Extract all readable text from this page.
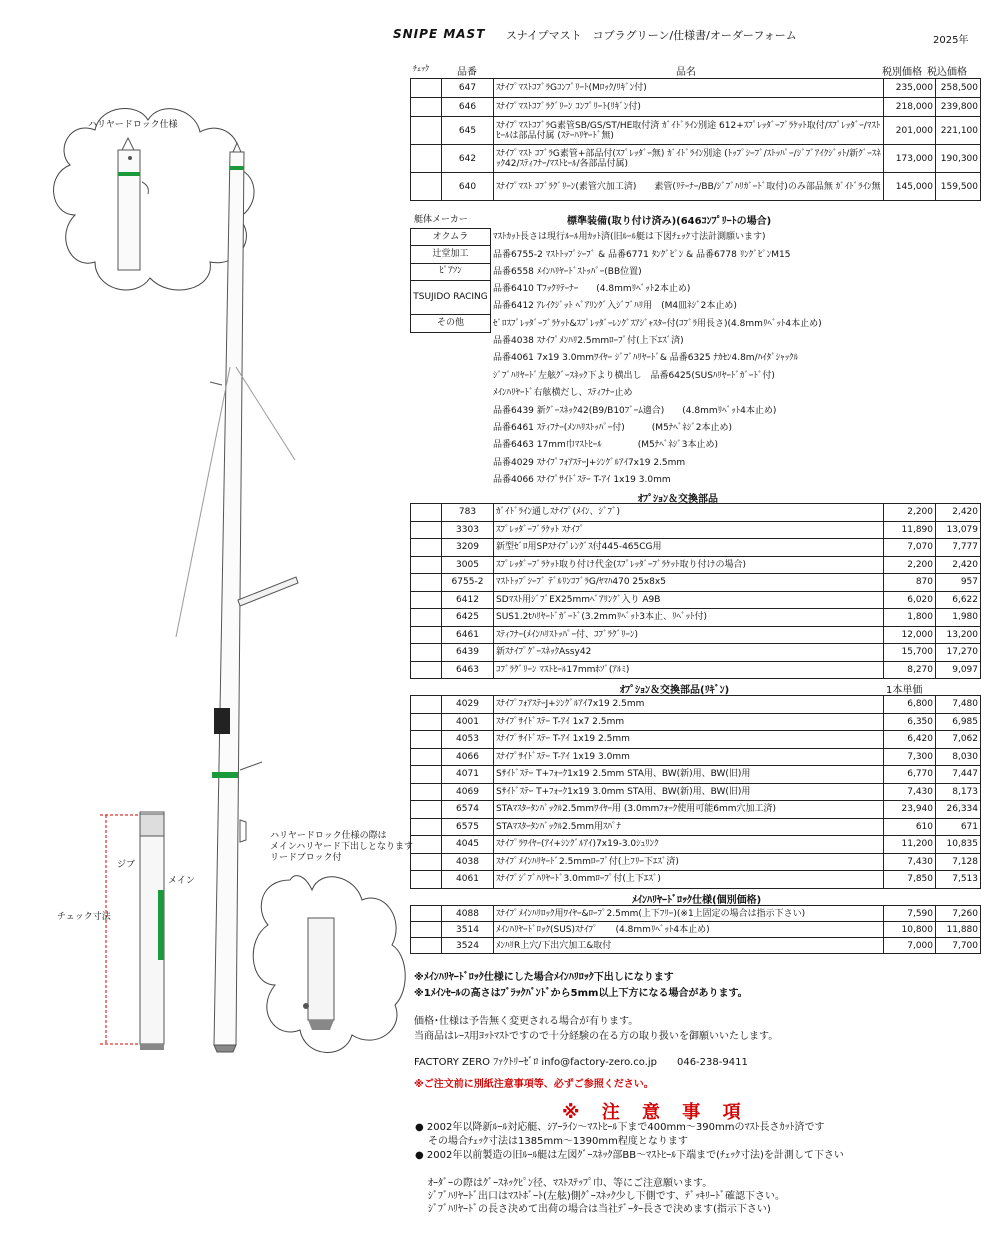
ハリヤードロック仕様
ハリヤードロック仕様の際は
メインハリヤード下出しとなります
リードブロック付
ジブ
メイン
チェック寸法
SNIPE MAST スナイプマスト　コブラグリーン/仕様書/オーダーフォーム	2025年
ﾁｪｯｸ	品番	品名	税別価格 税込価格
	647	ｽﾅｲﾌﾟﾏｽﾄｺﾌﾞﾗGｺﾝﾌﾟﾘｰﾄ(Mﾛｯｸ/ﾘｷﾞﾝ付)	235,000	258,500
	646	ｽﾅｲﾌﾟﾏｽﾄｺﾌﾞﾗｸﾞﾘｰﾝ ｺﾝﾌﾟﾘｰﾄ(ﾘｷﾞﾝ付)	218,000	239,800
	645	ｽﾅｲﾌﾟﾏｽﾄｺﾌﾞﾗG素管SB/GS/ST/HE取付済 ｶﾞｲﾄﾞﾗｲﾝ別途 612+ｽﾌﾟﾚｯﾀﾞｰﾌﾞﾗｹｯﾄ取付/ｽﾌﾟﾚｯﾀﾞｰ/ﾏｽﾄﾋｰﾙは部品付属 (ｽﾃｰﾊﾘﾔｰﾄﾞ無)	201,000	221,100
	642	ｽﾅｲﾌﾟﾏｽﾄ ｺﾌﾞﾗG素管+部品付(ｽﾌﾟﾚｯﾀﾞｰ無) ｶﾞｲﾄﾞﾗｲﾝ別途 (ﾄｯﾌﾟｼｰﾌﾞ/ｽﾄｯﾊﾟｰ/ｼﾞﾌﾞｱｲｸｼﾞｯﾄ/新ｸﾞｰｽﾈｯｸ42/ｽﾃｨﾌﾅｰ/ﾏｽﾄﾋｰﾙ/各部品付属)	173,000	190,300
	640	ｽﾅｲﾌﾟﾏｽﾄ ｺﾌﾞﾗｸﾞﾘｰﾝ(素管穴加工済)　　素管(ﾘﾃｰﾅｰ/BB/ｼﾞﾌﾞﾊﾘｶﾞｰﾄﾞ取付)のみ部品無 ｶﾞｲﾄﾞﾗｲﾝ無	145,000	159,500
艇体メーカー	標準装備(取り付け済み)(646ｺﾝﾌﾟﾘｰﾄの場合)
オクムラ
辻堂加工
ﾋﾟｱｿﾝ
TSUJIDO RACING
その他
ﾏｽﾄｶｯﾄ長さは現行ﾙｰﾙ用ｶｯﾄ済(旧ﾙｰﾙ艇は下図ﾁｪｯｸ寸法計測願います)
品番6755-2 ﾏｽﾄﾄｯﾌﾟｼｰﾌﾞ & 品番6771 ﾀﾝｸﾞﾋﾟﾝ & 品番6778 ﾘﾝｸﾞﾋﾟﾝM15
品番6558 ﾒｲﾝﾊﾘﾔｰﾄﾞｽﾄｯﾊﾟｰ(BB位置)
品番6410 Tﾌｯｸﾘﾃｰﾅｰ　　(4.8mmﾘﾍﾞｯﾄ2本止め)
品番6412 ｱﾚｲｸｼﾞｯﾄ ﾍﾞｱﾘﾝｸﾞ入ｼﾞﾌﾞﾊﾘ用　(M4皿ﾈｼﾞ2本止め)
ｾﾞﾛｽﾌﾟﾚｯﾀﾞｰﾌﾞﾗｹｯﾄ&ｽﾌﾟﾚｯﾀﾞｰﾚﾝｸﾞｽｱｼﾞｬｽﾀｰ付(ｺﾌﾞﾗ用長さ)(4.8mmﾘﾍﾞｯﾄ4本止め)
品番4038 ｽﾅｲﾌﾟﾒﾝﾊﾘ2.5mmﾛｰﾌﾟ付(上下ｴｽﾞ済)
品番4061 7x19 3.0mmﾜｲﾔｰ ｼﾞﾌﾞﾊﾘﾔｰﾄﾞ& 品番6325 ﾅｶｾﾝ4.8m/ﾊｲﾀﾞｼｬｯｸﾙ
ｼﾞﾌﾞﾊﾘﾔｰﾄﾞ左舷ｸﾞｰｽﾈｯｸ下より横出し　品番6425(SUSﾊﾘﾔｰﾄﾞｶﾞｰﾄﾞ付)
ﾒｲﾝﾊﾘﾔｰﾄﾞ右舷横だし、ｽﾃｨﾌﾅｰ止め
品番6439 新ｸﾞｰｽﾈｯｸ42(B9/B10ﾌﾞｰﾑ適合)　　(4.8mmﾘﾍﾞｯﾄ4本止め)
品番6461 ｽﾃｨﾌﾅｰ(ﾒﾝﾊﾘｽﾄｯﾊﾟｰ付)　　　(M5ﾅﾍﾞﾈｼﾞ2本止め)
品番6463 17mm巾ﾏｽﾄﾋｰﾙ　　　　(M5ﾅﾍﾞﾈｼﾞ3本止め)
品番4029 ｽﾅｲﾌﾟﾌｫｱｽﾃｰJ+ｼﾝｸﾞﾙｱｲ7x19 2.5mm
品番4066 ｽﾅｲﾌﾟｻｲﾄﾞｽﾃｰ T-ｱｲ 1x19 3.0mm
ｵﾌﾟｼｮﾝ＆交換部品
	783	ｶﾞｲﾄﾞﾗｲﾝ通しｽﾅｲﾌﾟ(ﾒｲﾝ、ｼﾞﾌﾞ)	2,200	2,420
	3303	ｽﾌﾟﾚｯﾀﾞｰﾌﾞﾗｹｯﾄ ｽﾅｲﾌﾟ	11,890	13,079
	3209	新型ｾﾞﾛ用SPｽﾅｲﾌﾟﾚﾝｸﾞｽ付445-465CG用	7,070	7,777
	3005	ｽﾌﾟﾚｯﾀﾞｰﾌﾞﾗｹｯﾄ取り付け代金(ｽﾌﾟﾚｯﾀﾞｰﾌﾞﾗｹｯﾄ取り付けの場合)	2,200	2,420
	6755-2	ﾏｽﾄﾄｯﾌﾟｼｰﾌﾞ ﾃﾞﾙﾘﾝｺﾌﾞﾗG/ﾔﾏﾊ470 25x8x5	870	957
	6412	SDﾏｽﾄ用ｼﾞﾌﾞEX25mmﾍﾞｱﾘﾝｸﾞ入り A9B	6,020	6,622
	6425	SUS1.2tﾊﾘﾔｰﾄﾞｶﾞｰﾄﾞ(3.2mmﾘﾍﾞｯﾄ3本止、ﾘﾍﾞｯﾄ付)	1,800	1,980
	6461	ｽﾃｨﾌﾅｰ(ﾒｲﾝﾊﾘｽﾄｯﾊﾟｰ付、ｺﾌﾞﾗｸﾞﾘｰﾝ)	12,000	13,200
	6439	新ｽﾅｲﾌﾟｸﾞｰｽﾈｯｸAssy42	15,700	17,270
	6463	ｺﾌﾞﾗｸﾞﾘｰﾝ ﾏｽﾄﾋｰﾙ17mmﾎｿﾞ(ｱﾙﾐ)	8,270	9,097
ｵﾌﾟｼｮﾝ＆交換部品(ﾘｷﾞﾝ)	1本単価
	4029	ｽﾅｲﾌﾟﾌｫｱｽﾃｰJ+ｼﾝｸﾞﾙｱｲ7x19 2.5mm	6,800	7,480
	4001	ｽﾅｲﾌﾟｻｲﾄﾞｽﾃｰ T-ｱｲ 1x7 2.5mm	6,350	6,985
	4053	ｽﾅｲﾌﾟｻｲﾄﾞｽﾃｰ T-ｱｲ 1x19 2.5mm	6,420	7,062
	4066	ｽﾅｲﾌﾟｻｲﾄﾞｽﾃｰ T-ｱｲ 1x19 3.0mm	7,300	8,030
	4071	Sｻｲﾄﾞｽﾃｰ T+ﾌｫｰｸ1x19 2.5mm STA用、BW(新)用、BW(旧)用	6,770	7,447
	4069	Sｻｲﾄﾞｽﾃｰ T+ﾌｫｰｸ1x19 3.0mm STA用、BW(新)用、BW(旧)用	7,430	8,173
	6574	STAﾏｽﾀｰﾀﾝﾊﾞｯｸﾙ2.5mmﾜｲﾔｰ用 (3.0mmﾌｫｰｸ使用可能6mm穴加工済)	23,940	26,334
	6575	STAﾏｽﾀｰﾀﾝﾊﾞｯｸﾙ2.5mm用ｽﾊﾟﾅ	610	671
	4045	ｽﾅｲﾌﾟﾗﾜｲﾔｰ(ｱｲ+ｼﾝｸﾞﾙｱｲ)7x19-3.0ｼｭﾘﾝｸ	11,200	10,835
	4038	ｽﾅｲﾌﾟﾒｲﾝﾊﾘﾔｰﾄﾞ2.5mmﾛｰﾌﾟ付(上ﾌﾘｰ下ｴｽﾞ済)	7,430	7,128
	4061	ｽﾅｲﾌﾟｼﾞﾌﾞﾊﾘﾔｰﾄﾞ3.0mmﾛｰﾌﾟ付(上下ｴｽﾞ)	7,850	7,513
ﾒｲﾝﾊﾘﾔｰﾄﾞﾛｯｸ仕様(個別価格)
	4088	ｽﾅｲﾌﾟﾒｲﾝﾊﾘﾛｯｸ用ﾜｲﾔｰ&ﾛｰﾌﾟ2.5mm(上下ﾌﾘｰ)(※1上固定の場合は指示下さい)	7,590	7,260
	3514	ﾒｲﾝﾊﾘﾔｰﾄﾞﾛｯｸ(SUS)ｽﾅｲﾌﾟ　　(4.8mmﾘﾍﾞｯﾄ4本止め)	10,800	11,880
	3524	ﾒﾝﾊﾘR上穴/下出穴加工&取付	7,000	7,700
※ﾒｲﾝﾊﾘﾔｰﾄﾞﾛｯｸ仕様にした場合ﾒｲﾝﾊﾘﾛｯｸ下出しになります
※1ﾒｲﾝｾｰﾙの高さはﾌﾞﾗｯｸﾊﾞﾝﾄﾞから5mm以上下方になる場合があります。
価格･仕様は予告無く変更される場合が有ります。
当商品はﾚｰｽ用ﾖｯﾄﾏｽﾄですので十分経験の在る方の取り扱いを御願いいたします。
FACTORY ZERO ﾌｧｸﾄﾘｰｾﾞﾛ info@factory-zero.co.jp　　046-238-9411
※ご注文前に別紙注意事項等、必ずご参照ください。
※ 注 意 事 項
● 2002年以降新ﾙｰﾙ対応艇、ｼｱｰﾗｲﾝ～ﾏｽﾄﾋｰﾙ下まで400mm～390mmのﾏｽﾄ長さｶｯﾄ済です
その場合ﾁｪｯｸ寸法は1385mm～1390mm程度となります
● 2002年以前製造の旧ﾙｰﾙ艇は左図ｸﾞｰｽﾈｯｸ部BB～ﾏｽﾄﾋｰﾙ下端まで(ﾁｪｯｸ寸法)を計測して下さい
ｵｰﾀﾞｰの際はｸﾞｰｽﾈｯｸﾋﾟﾝ径、ﾏｽﾄｽﾃｯﾌﾟ巾、等にご注意願います。
ｼﾞﾌﾞﾊﾘﾔｰﾄﾞ出口はﾏｽﾄﾎﾞｰﾄ(左舷)側ｸﾞｰｽﾈｯｸ少し下側です、ﾃﾞｯｷﾘｰﾄﾞ確認下さい。
ｼﾞﾌﾞﾊﾘﾔｰﾄﾞの長さ決めて出荷の場合は当社ﾃﾞｰﾀｰ長さで決めます(指示下さい)
